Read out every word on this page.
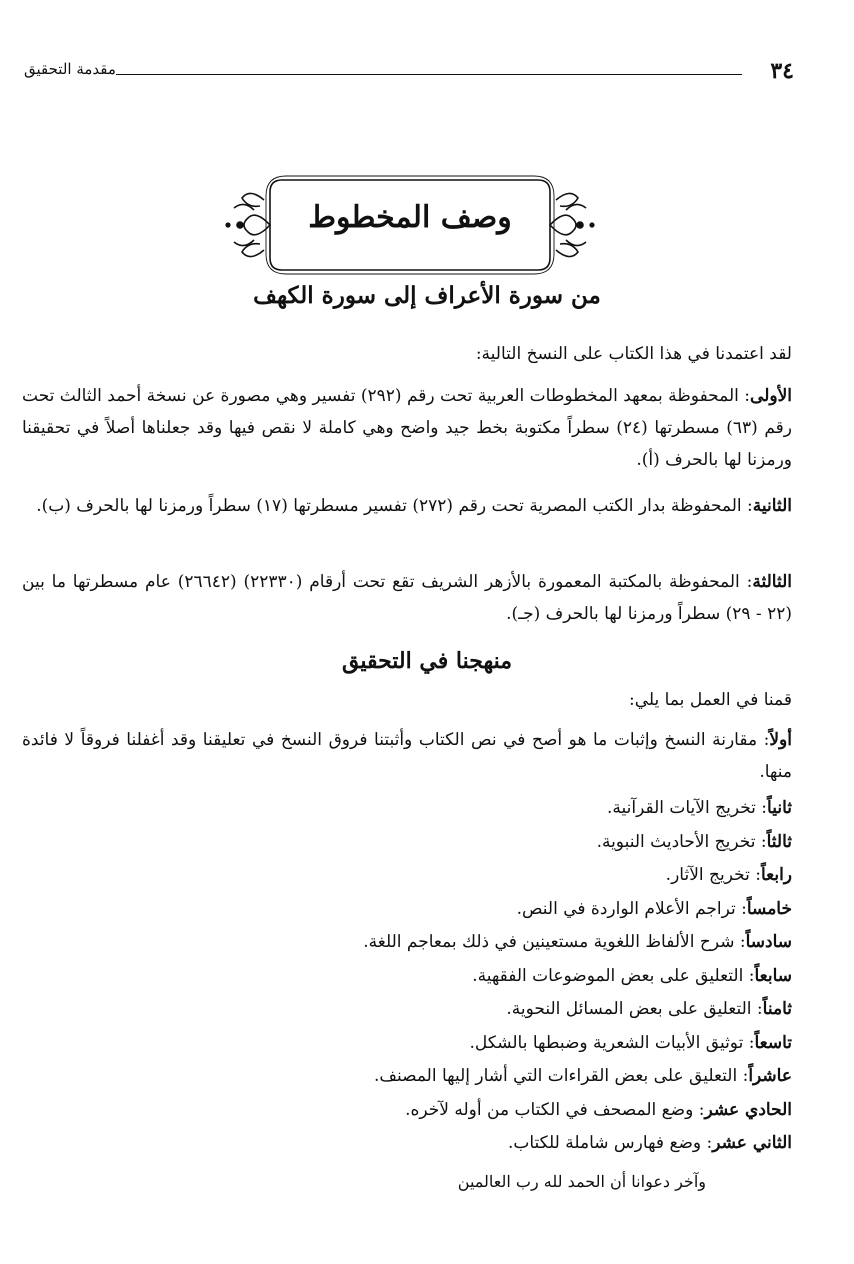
٣٤
مقدمة التحقيق
وصف المخطوط
من سورة الأعراف إلى سورة الكهف
لقد اعتمدنا في هذا الكتاب على النسخ التالية:
الأولى: المحفوظة بمعهد المخطوطات العربية تحت رقم (٢٩٢) تفسير وهي مصورة عن نسخة أحمد الثالث تحت رقم (٦٣) مسطرتها (٢٤) سطراً مكتوبة بخط جيد واضح وهي كاملة لا نقص فيها وقد جعلناها أصلاً في تحقيقنا ورمزنا لها بالحرف (أ).
الثانية: المحفوظة بدار الكتب المصرية تحت رقم (٢٧٢) تفسير مسطرتها (١٧) سطراً ورمزنا لها بالحرف (ب).
الثالثة: المحفوظة بالمكتبة المعمورة بالأزهر الشريف تقع تحت أرقام (٢٢٣٣٠) (٢٦٦٤٢) عام مسطرتها ما بين (٢٢ - ٢٩) سطراً ورمزنا لها بالحرف (جـ).
منهجنا في التحقيق
قمنا في العمل بما يلي:
أولاً: مقارنة النسخ وإثبات ما هو أصح في نص الكتاب وأثبتنا فروق النسخ في تعليقنا وقد أغفلنا فروقاً لا فائدة منها.
ثانياً: تخريج الآيات القرآنية.
ثالثاً: تخريج الأحاديث النبوية.
رابعاً: تخريج الآثار.
خامساً: تراجم الأعلام الواردة في النص.
سادساً: شرح الألفاظ اللغوية مستعينين في ذلك بمعاجم اللغة.
سابعاً: التعليق على بعض الموضوعات الفقهية.
ثامناً: التعليق على بعض المسائل النحوية.
تاسعاً: توثيق الأبيات الشعرية وضبطها بالشكل.
عاشراً: التعليق على بعض القراءات التي أشار إليها المصنف.
الحادي عشر: وضع المصحف في الكتاب من أوله لآخره.
الثاني عشر: وضع فهارس شاملة للكتاب.
وآخر دعوانا أن الحمد لله رب العالمين
